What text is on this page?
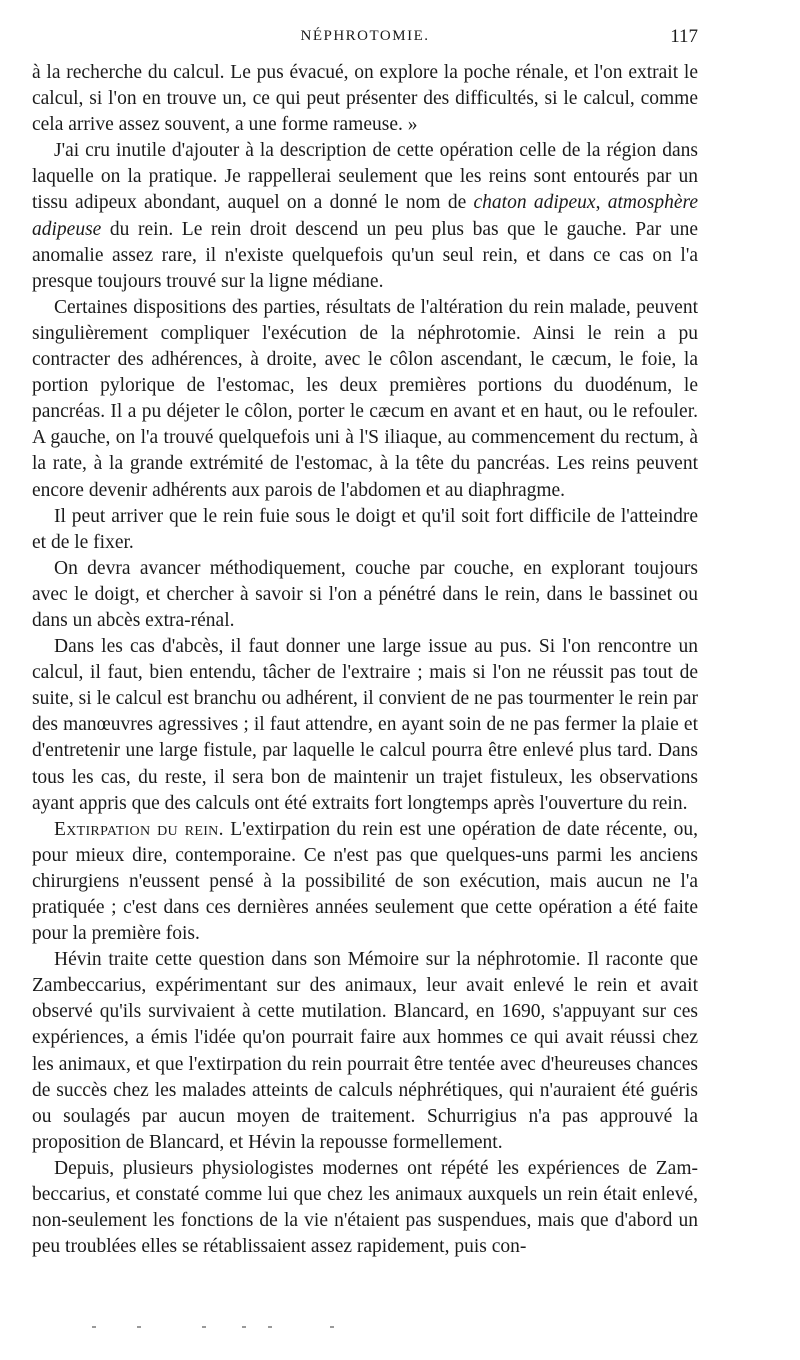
NÉPHROTOMIE.	117

à la recherche du calcul. Le pus évacué, on explore la poche rénale, et l'on extrait le calcul, si l'on en trouve un, ce qui peut présenter des difficultés, si le calcul, comme cela arrive assez souvent, a une forme rameuse. »

J'ai cru inutile d'ajouter à la description de cette opération celle de la région dans laquelle on la pratique. Je rappellerai seulement que les reins sont entourés par un tissu adipeux abondant, auquel on a donné le nom de chaton adipeux, atmosphère adipeuse du rein. Le rein droit descend un peu plus bas que le gauche. Par une anomalie assez rare, il n'existe quelquefois qu'un seul rein, et dans ce cas on l'a presque toujours trouvé sur la ligne médiane.

Certaines dispositions des parties, résultats de l'altération du rein malade, peuvent singulièrement compliquer l'exécution de la néphrotomie. Ainsi le rein a pu contracter des adhérences, à droite, avec le côlon ascendant, le cæcum, le foie, la portion pylorique de l'estomac, les deux premières portions du duodénum, le pancréas. Il a pu déjeter le côlon, porter le cæcum en avant et en haut, ou le refouler. A gauche, on l'a trouvé quelquefois uni à l'S iliaque, au commencement du rectum, à la rate, à la grande extrémité de l'estomac, à la tête du pancréas. Les reins peuvent encore devenir adhérents aux parois de l'abdomen et au diaphragme.

Il peut arriver que le rein fuie sous le doigt et qu'il soit fort difficile de l'atteindre et de le fixer.

On devra avancer méthodiquement, couche par couche, en explorant toujours avec le doigt, et chercher à savoir si l'on a pénétré dans le rein, dans le bassinet ou dans un abcès extra-rénal.

Dans les cas d'abcès, il faut donner une large issue au pus. Si l'on rencontre un calcul, il faut, bien entendu, tâcher de l'extraire ; mais si l'on ne réussit pas tout de suite, si le calcul est branchu ou adhérent, il convient de ne pas tourmenter le rein par des manœuvres agressives ; il faut attendre, en ayant soin de ne pas fermer la plaie et d'entretenir une large fistule, par laquelle le calcul pourra être enlevé plus tard. Dans tous les cas, du reste, il sera bon de maintenir un trajet fistuleux, les observations ayant appris que des calculs ont été extraits fort longtemps après l'ouverture du rein.

Extirpation du rein. L'extirpation du rein est une opération de date récente, ou, pour mieux dire, contemporaine. Ce n'est pas que quelques-uns parmi les anciens chirurgiens n'eussent pensé à la possibilité de son exécution, mais aucun ne l'a pratiquée ; c'est dans ces dernières années seulement que cette opération a été faite pour la première fois.

Hévin traite cette question dans son Mémoire sur la néphrotomie. Il raconte que Zambeccarius, expérimentant sur des animaux, leur avait enlevé le rein et avait observé qu'ils survivaient à cette mutilation. Blancard, en 1690, s'appuyant sur ces expériences, a émis l'idée qu'on pourrait faire aux hommes ce qui avait réussi chez les animaux, et que l'extirpation du rein pourrait être tentée avec d'heureuses chances de succès chez les malades atteints de calculs néphrétiques, qui n'auraient été guéris ou soulagés par aucun moyen de traitement. Schurrigius n'a pas approuvé la proposition de Blancard, et Hévin la repousse formellement.

Depuis, plusieurs physiologistes modernes ont répété les expériences de Zambeccarius, et constaté comme lui que chez les animaux auxquels un rein était enlevé, non-seulement les fonctions de la vie n'étaient pas suspendues, mais que d'abord un peu troublées elles se rétablissaient assez rapidement, puis con-
